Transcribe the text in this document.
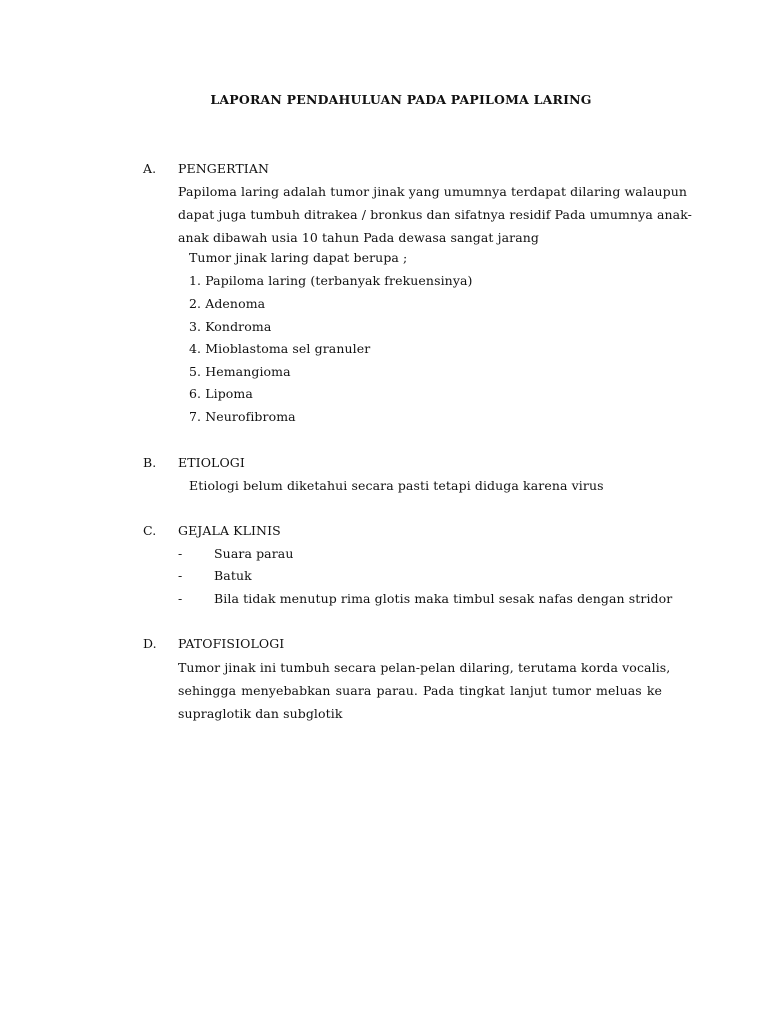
LAPORAN PENDAHULUAN PADA PAPILOMA LARING
A. PENGERTIAN

Papiloma laring adalah tumor jinak yang umumnya terdapat dilaring walaupun

dapat juga tumbuh ditrakea / bronkus dan sifatnya residif Pada umumnya anak-

anak dibawah usia 10 tahun Pada dewasa sangat jarang

Tumor jinak laring dapat berupa ;
1. Papiloma laring (terbanyak frekuensinya)
2. Adenoma
3. Kondroma
4. Mioblastoma sel granuler
5. Hemangioma
6. Lipoma
7. Neurofibroma
B. ETIOLOGI
Etiologi belum diketahui secara pasti tetapi diduga karena virus
C. GEJALA KLINIS
-	Suara parau
-	Batuk
-	Bila tidak menutup rima glotis maka timbul sesak nafas dengan stridor
D. PATOFISIOLOGI

Tumor jinak ini tumbuh secara pelan-pelan dilaring, terutama korda vocalis,

sehingga menyebabkan suara parau. Pada tingkat lanjut tumor meluas ke

supraglotik dan subglotik
